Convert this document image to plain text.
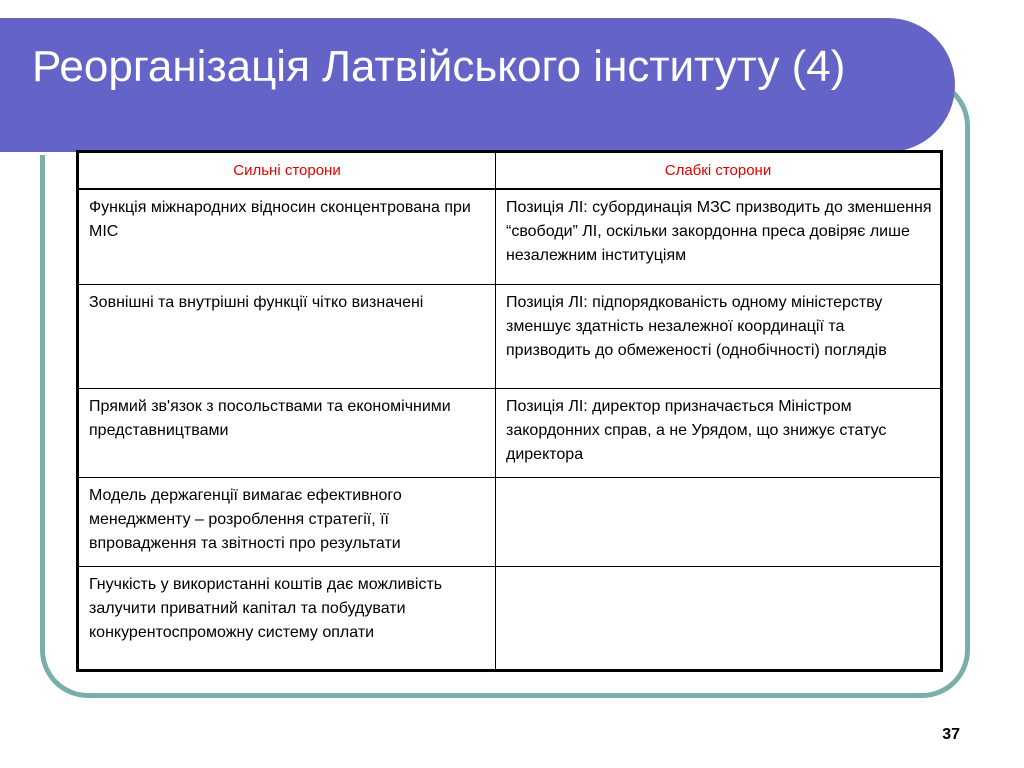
Реорганізація Латвійського інституту (4)
Сильні сторони	Слабкі сторони
Функція міжнародних відносин сконцентрована при МІС	Позиція ЛІ: субординація МЗС призводить до зменшення “свободи” ЛІ, оскільки закордонна преса довіряє лише незалежним інституціям
Зовнішні та внутрішні функції чітко визначені	Позиція ЛІ: підпорядкованість одному міністерству зменшує здатність незалежної координації та призводить до обмеженості (однобічності) поглядів
Прямий зв'язок з посольствами та економічними представництвами	Позиція ЛІ: директор призначається Міністром закордонних справ, а не Урядом, що знижує статус директора
Модель держагенції вимагає ефективного менеджменту – розроблення стратегії, її впровадження та звітності про результати	
Гнучкість у використанні коштів дає можливість залучити приватний капітал та побудувати конкурентоспроможну систему оплати	
37
